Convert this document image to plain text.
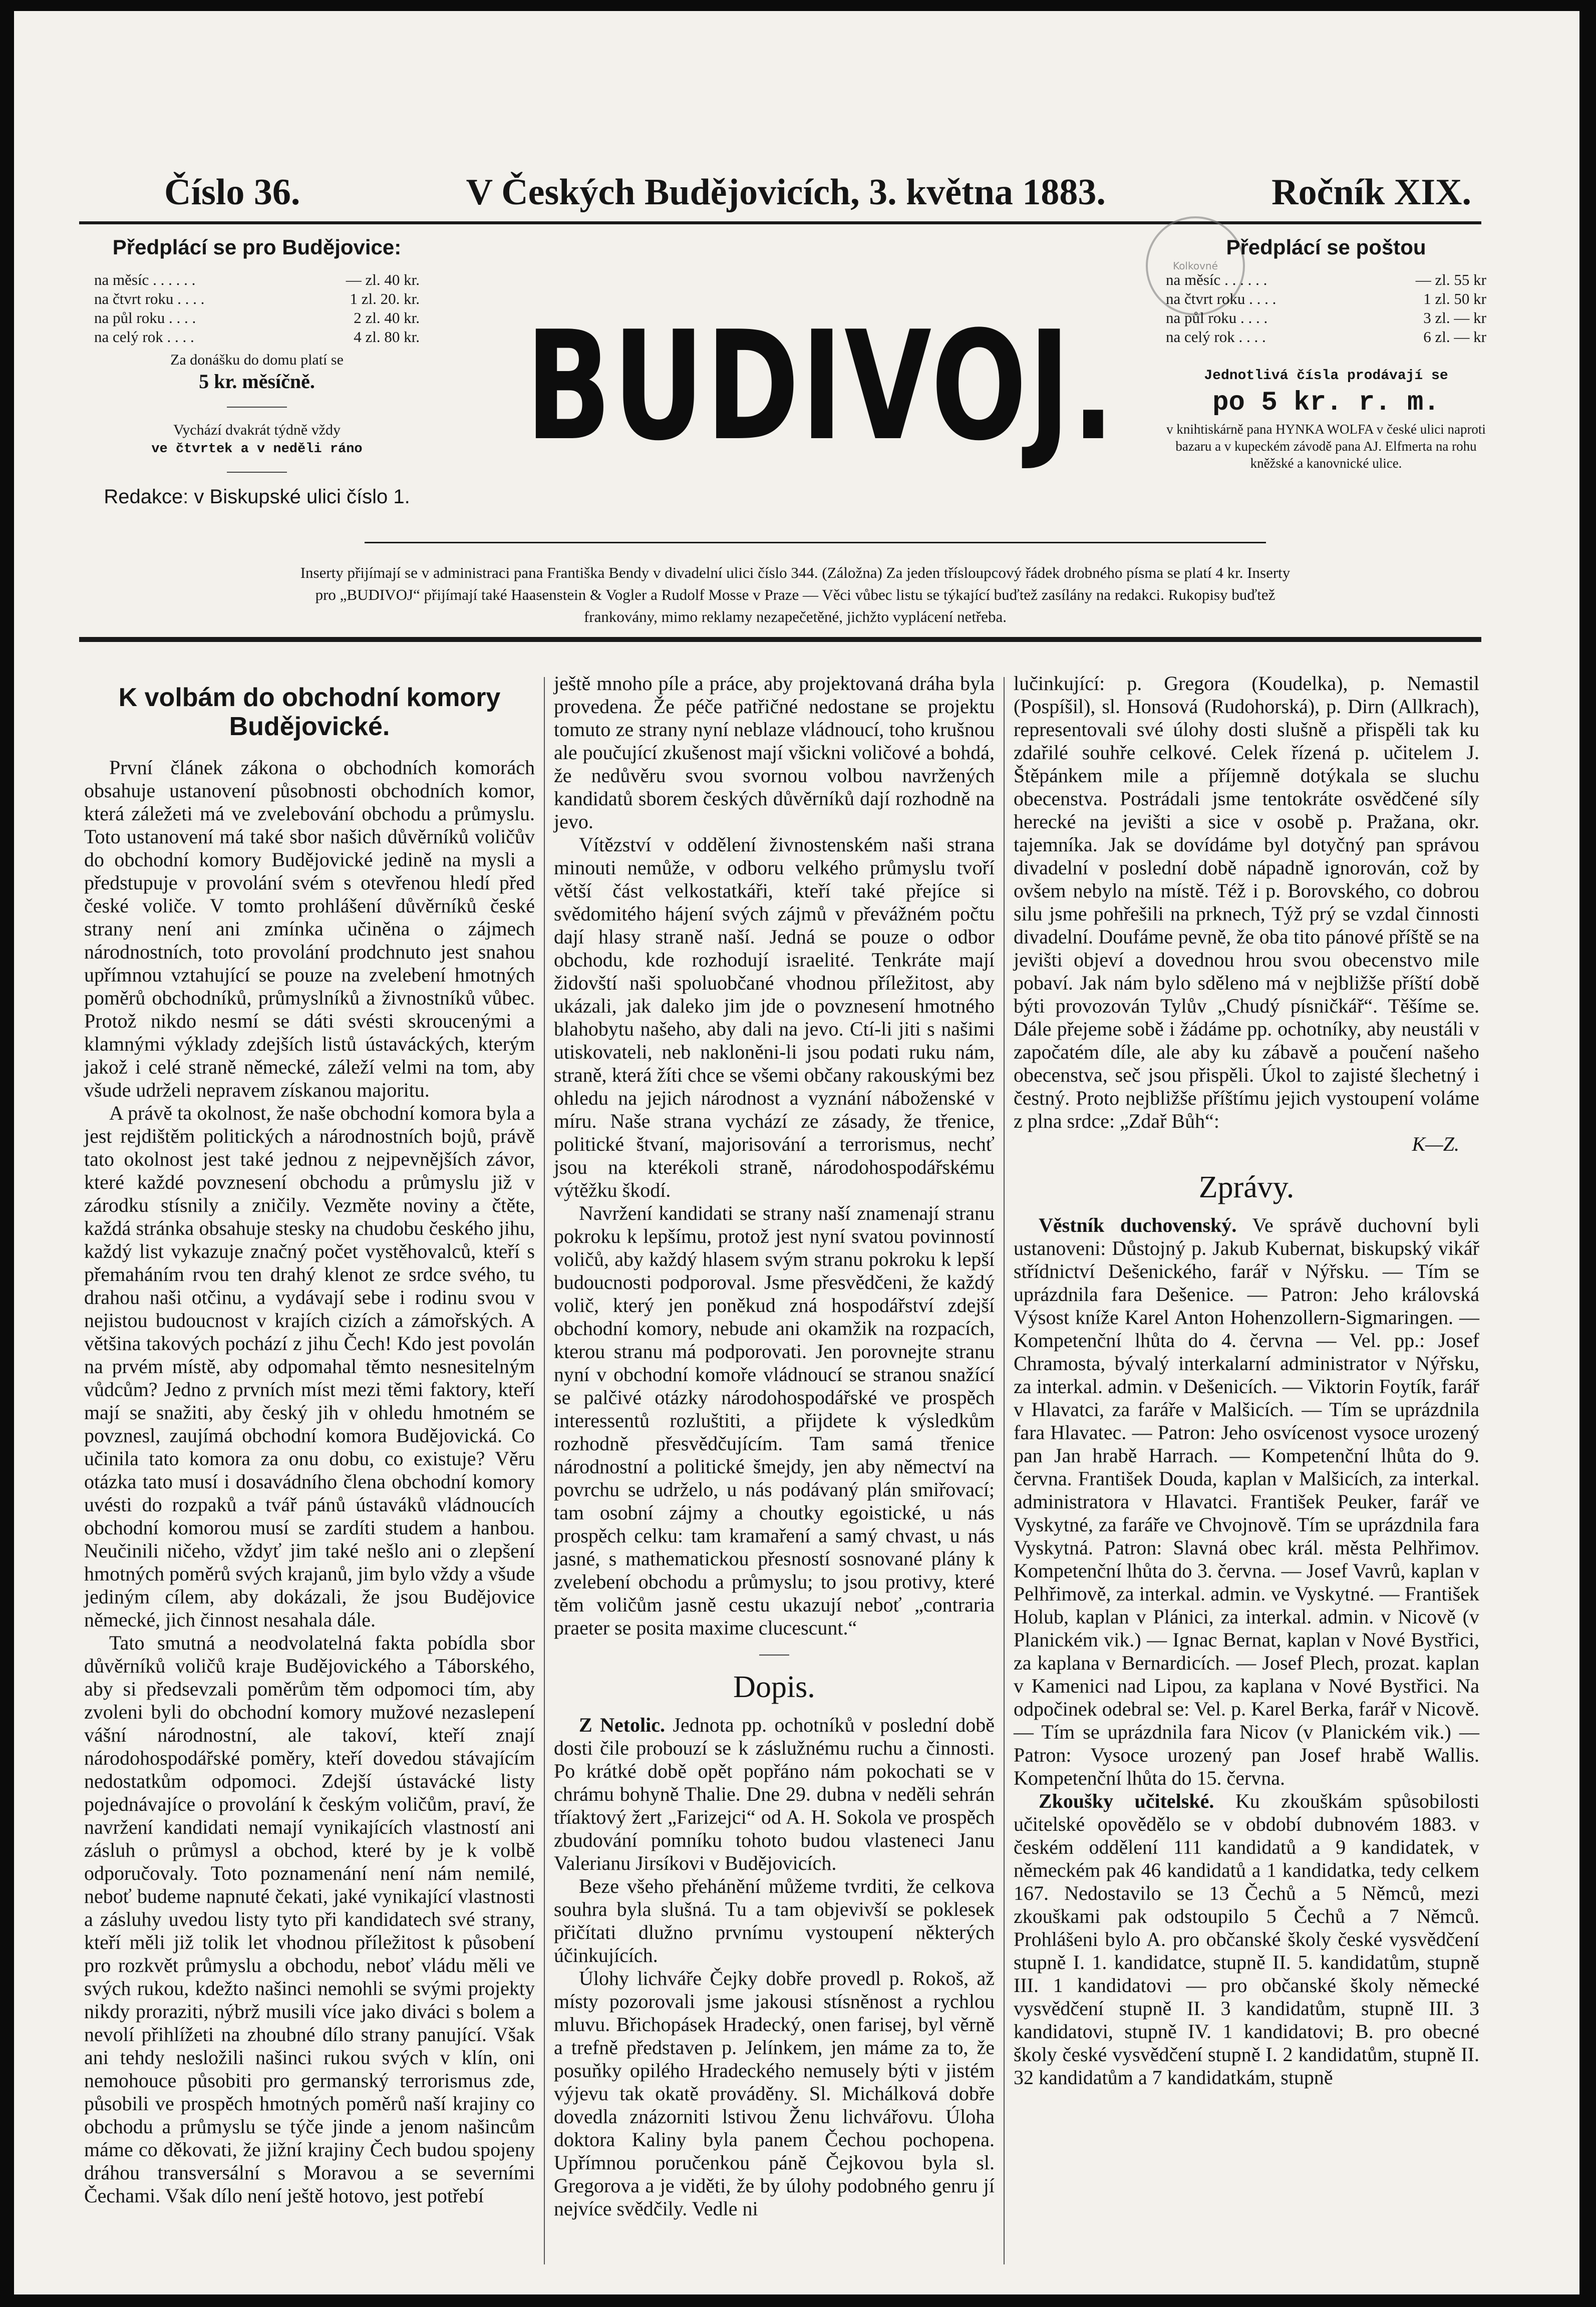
Číslo 36.	V Českých Budějovicích, 3. května 1883.	Ročník XIX.
Předplácí se pro Budějovice:
na měsíc . . . . . .	— zl. 40 kr.
na čtvrt roku . . . .	1 zl. 20. kr.
na půl roku . . . .	2 zl. 40 kr.
na celý rok . . . .	4 zl. 80 kr.
Za donášku do domu platí se
5 kr. měsíčně.
Vychází dvakrát týdně vždy
ve čtvrtek a v neděli ráno
Redakce: v Biskupské ulici číslo 1.
BUDIVOJ.
Kolkovné
Předplácí se poštou
na měsíc . . . . . .	— zl. 55 kr
na čtvrt roku . . . .	1 zl. 50 kr
na půl roku . . . .	3 zl. — kr
na celý rok . . . .	6 zl. — kr
Jednotlivá čísla prodávají se
po 5 kr. r. m.
v knihtiskárně pana HYNKA WOLFA v české ulici naproti bazaru a v kupeckém závodě pana AJ. Elfmerta na rohu kněžské a kanovnické ulice.
Inserty přijímají se v administraci pana Františka Bendy v divadelní ulici číslo 344. (Záložna) Za jeden třísloupcový řádek drobného písma se platí 4 kr. Inserty
pro „BUDIVOJ“ přijímají také Haasenstein & Vogler a Rudolf Mosse v Praze — Věci vůbec listu se týkající buďtež zasílány na redakci. Rukopisy buďtež
frankovány, mimo reklamy nezapečetěné, jichžto vyplácení netřeba.
K volbám do obchodní komory Budějovické.

První článek zákona o obchodních komorách obsahuje ustanovení působnosti obchodních komor, která záležeti má ve zvelebování obchodu a průmyslu. Toto ustanovení má také sbor našich důvěrníků voličův do obchodní komory Budějovické jedině na mysli a předstupuje v provolání svém s otevřenou hledí před české voliče. V tomto prohlášení důvěrníků české strany není ani zmínka učiněna o zájmech národnostních, toto provolání prodchnuto jest snahou upřímnou vztahující se pouze na zvelebení hmotných poměrů obchodníků, průmyslníků a živnostníků vůbec. Protož nikdo nesmí se dáti svésti skroucenými a klamnými výklady zdejších listů ústaváckých, kterým jakož i celé straně německé, záleží velmi na tom, aby všude udrželi nepravem získanou majoritu.

A právě ta okolnost, že naše obchodní komora byla a jest rejdištěm politických a národnostních bojů, právě tato okolnost jest také jednou z nejpevnějších závor, které každé povznesení obchodu a průmyslu již v zárodku stísnily a zničily. Vezměte noviny a čtěte, každá stránka obsahuje stesky na chudobu českého jihu, každý list vykazuje značný počet vystěhovalců, kteří s přemaháním rvou ten drahý klenot ze srdce svého, tu drahou naši otčinu, a vydávají sebe i rodinu svou v nejistou budoucnost v krajích cizích a zámořských. A většina takových pochází z jihu Čech! Kdo jest povolán na prvém místě, aby odpomahal těmto nesnesitelným vůdcům? Jedno z prvních míst mezi těmi faktory, kteří mají se snažiti, aby český jih v ohledu hmotném se povznesl, zaujímá obchodní komora Budějovická. Co učinila tato komora za onu dobu, co existuje? Věru otázka tato musí i dosavádního člena obchodní komory uvésti do rozpaků a tvář pánů ústaváků vládnoucích obchodní komorou musí se zardíti studem a hanbou. Neučinili ničeho, vždyť jim také nešlo ani o zlepšení hmotných poměrů svých krajanů, jim bylo vždy a všude jediným cílem, aby dokázali, že jsou Budějovice německé, jich činnost nesahala dále.

Tato smutná a neodvolatelná fakta pobídla sbor důvěrníků voličů kraje Budějovického a Táborského, aby si předsevzali poměrům těm odpomoci tím, aby zvoleni byli do obchodní komory mužové nezaslepení vášní národnostní, ale takoví, kteří znají národohospodářské poměry, kteří dovedou stávajícím nedostatkům odpomoci. Zdejší ústavácké listy pojednávajíce o provolání k českým voličům, praví, že navržení kandidati nemají vynikajících vlastností ani zásluh o průmysl a obchod, které by je k volbě odporučovaly. Toto poznamenání není nám nemilé, neboť budeme napnuté čekati, jaké vynikající vlastnosti a zásluhy uvedou listy tyto při kandidatech své strany, kteří měli již tolik let vhodnou příležitost k působení pro rozkvět průmyslu a obchodu, neboť vládu měli ve svých rukou, kdežto našinci nemohli se svými projekty nikdy proraziti, nýbrž musili více jako diváci s bolem a nevolí přihlížeti na zhoubné dílo strany panující. Však ani tehdy nesložili našinci rukou svých v klín, oni nemohouce působiti pro germanský terrorismus zde, působili ve prospěch hmotných poměrů naší krajiny co obchodu a průmyslu se týče jinde a jenom našincům máme co děkovati, že jižní krajiny Čech budou spojeny dráhou transversální s Moravou a se severními Čechami. Však dílo není ještě hotovo, jest potřebí

ještě mnoho píle a práce, aby projektovaná dráha byla provedena. Že péče patřičné nedostane se projektu tomuto ze strany nyní neblaze vládnoucí, toho krušnou ale poučující zkušenost mají všickni voličové a bohdá, že nedůvěru svou svornou volbou navržených kandidatů sborem českých důvěrníků dají rozhodně na jevo.

Vítězství v oddělení živnostenském naši strana minouti nemůže, v odboru velkého průmyslu tvoří větší část velkostatkáři, kteří také přejíce si svědomitého hájení svých zájmů v převážném počtu dají hlasy straně naší. Jedná se pouze o odbor obchodu, kde rozhodují israelité. Tenkráte mají židovští naši spoluobčané vhodnou příležitost, aby ukázali, jak daleko jim jde o povznesení hmotného blahobytu našeho, aby dali na jevo. Ctí-li jiti s našimi utiskovateli, neb nakloněni-li jsou podati ruku nám, straně, která žíti chce se všemi občany rakouskými bez ohledu na jejich národnost a vyznání náboženské v míru. Naše strana vychází ze zásady, že třenice, politické štvaní, majorisování a terrorismus, nechť jsou na kterékoli straně, národohospodářskému výtěžku škodí.

Navržení kandidati se strany naší znamenají stranu pokroku k lepšímu, protož jest nyní svatou povinností voličů, aby každý hlasem svým stranu pokroku k lepší budoucnosti podporoval. Jsme přesvědčeni, že každý volič, který jen poněkud zná hospodářství zdejší obchodní komory, nebude ani okamžik na rozpacích, kterou stranu má podporovati. Jen porovnejte stranu nyní v obchodní komoře vládnoucí se stranou snažící se palčivé otázky národohospodářské ve prospěch interessentů rozluštiti, a přijdete k výsledkům rozhodně přesvědčujícím. Tam samá třenice národnostní a politické šmejdy, jen aby němectví na povrchu se udrželo, u nás podávaný plán smiřovací; tam osobní zájmy a choutky egoistické, u nás prospěch celku: tam kramaření a samý chvast, u nás jasné, s mathematickou přesností sosnované plány k zvelebení obchodu a průmyslu; to jsou protivy, které těm voličům jasně cestu ukazují neboť „contraria praeter se posita maxime clucescunt.“

Dopis.

Z Netolic. Jednota pp. ochotníků v poslední době dosti čile probouzí se k záslužnému ruchu a činnosti. Po krátké době opět popřáno nám pokochati se v chrámu bohyně Thalie. Dne 29. dubna v neděli sehrán tříaktový žert „Farizejci“ od A. H. Sokola ve prospěch zbudování pomníku tohoto budou vlasteneci Janu Valerianu Jirsíkovi v Budějovicích.

Beze všeho přehánění můžeme tvrditi, že celkova souhra byla slušná. Tu a tam objevivší se poklesek přičítati dlužno prvnímu vystoupení některých účinkujících.

Úlohy lichváře Čejky dobře provedl p. Rokoš, až místy pozorovali jsme jakousi stísněnost a rychlou mluvu. Břichopásek Hradecký, onen farisej, byl věrně a trefně představen p. Jelínkem, jen máme za to, že posuňky opilého Hradeckého nemusely býti v jistém výjevu tak okatě prováděny. Sl. Michálková dobře dovedla znázorniti lstivou Ženu lichvářovu. Úloha doktora Kaliny byla panem Čechou pochopena. Upřímnou poručenkou páně Čejkovou byla sl. Gregorova a je viděti, že by úlohy podobného genru jí nejvíce svědčily. Vedle ni

lučinkující: p. Gregora (Koudelka), p. Nemastil (Pospíšil), sl. Honsová (Rudohorská), p. Dirn (Allkrach), representovali své úlohy dosti slušně a přispěli tak ku zdařilé souhře celkové. Celek řízená p. učitelem J. Štěpánkem mile a příjemně dotýkala se sluchu obecenstva. Postrádali jsme tentokráte osvědčené síly herecké na jevišti a sice v osobě p. Pražana, okr. tajemníka. Jak se dovídáme byl dotyčný pan správou divadelní v poslední době nápadně ignorován, což by ovšem nebylo na místě. Též i p. Borovského, co dobrou silu jsme pohřešili na prknech, Týž prý se vzdal činnosti divadelní. Doufáme pevně, že oba tito pánové příště se na jevišti objeví a dovednou hrou svou obecenstvo mile pobaví. Jak nám bylo sděleno má v nejbližše příští době býti provozován Tylův „Chudý písničkář“. Těšíme se. Dále přejeme sobě i žádáme pp. ochotníky, aby neustáli v započatém díle, ale aby ku zábavě a poučení našeho obecenstva, seč jsou přispěli. Úkol to zajisté šlechetný i čestný. Proto nejbližše příštímu jejich vystoupení voláme z plna srdce: „Zdař Bůh“:

K—Z.
Zprávy.

Věstník duchovenský. Ve správě duchovní byli ustanoveni: Důstojný p. Jakub Kubernat, biskupský vikář střídnictví Dešenického, farář v Nýřsku. — Tím se uprázdnila fara Dešenice. — Patron: Jeho královská Výsost kníže Karel Anton Hohenzollern-Sigmaringen. — Kompetenční lhůta do 4. června — Vel. pp.: Josef Chramosta, bývalý interkalarní administrator v Nýřsku, za interkal. admin. v Dešenicích. — Viktorin Foytík, farář v Hlavatci, za faráře v Malšicích. — Tím se uprázdnila fara Hlavatec. — Patron: Jeho osvícenost vysoce urozený pan Jan hrabě Harrach. — Kompetenční lhůta do 9. června. František Douda, kaplan v Malšicích, za interkal. administratora v Hlavatci. František Peuker, farář ve Vyskytné, za faráře ve Chvojnově. Tím se uprázdnila fara Vyskytná. Patron: Slavná obec král. města Pelhřimov. Kompetenční lhůta do 3. června. — Josef Vavrů, kaplan v Pelhřimově, za interkal. admin. ve Vyskytné. — František Holub, kaplan v Plánici, za interkal. admin. v Nicově (v Planickém vik.) — Ignac Bernat, kaplan v Nové Bystřici, za kaplana v Bernardicích. — Josef Plech, prozat. kaplan v Kamenici nad Lipou, za kaplana v Nové Bystřici. Na odpočinek odebral se: Vel. p. Karel Berka, farář v Nicově. — Tím se uprázdnila fara Nicov (v Planickém vik.) — Patron: Vysoce urozený pan Josef hrabě Wallis. Kompetenční lhůta do 15. června.

Zkoušky učitelské. Ku zkouškám spůsobilosti učitelské opovědělo se v období dubnovém 1883. v českém oddělení 111 kandidatů a 9 kandidatek, v německém pak 46 kandidatů a 1 kandidatka, tedy celkem 167. Nedostavilo se 13 Čechů a 5 Němců, mezi zkouškami pak odstoupilo 5 Čechů a 7 Němců. Prohlášeni bylo A. pro občanské školy české vysvědčení stupně I. 1. kandidatce, stupně II. 5. kandidatům, stupně III. 1 kandidatovi — pro občanské školy německé vysvědčení stupně II. 3 kandidatům, stupně III. 3 kandidatovi, stupně IV. 1 kandidatovi; B. pro obecné školy české vysvědčení stupně I. 2 kandidatům, stupně II. 32 kandidatům a 7 kandidatkám, stupně
